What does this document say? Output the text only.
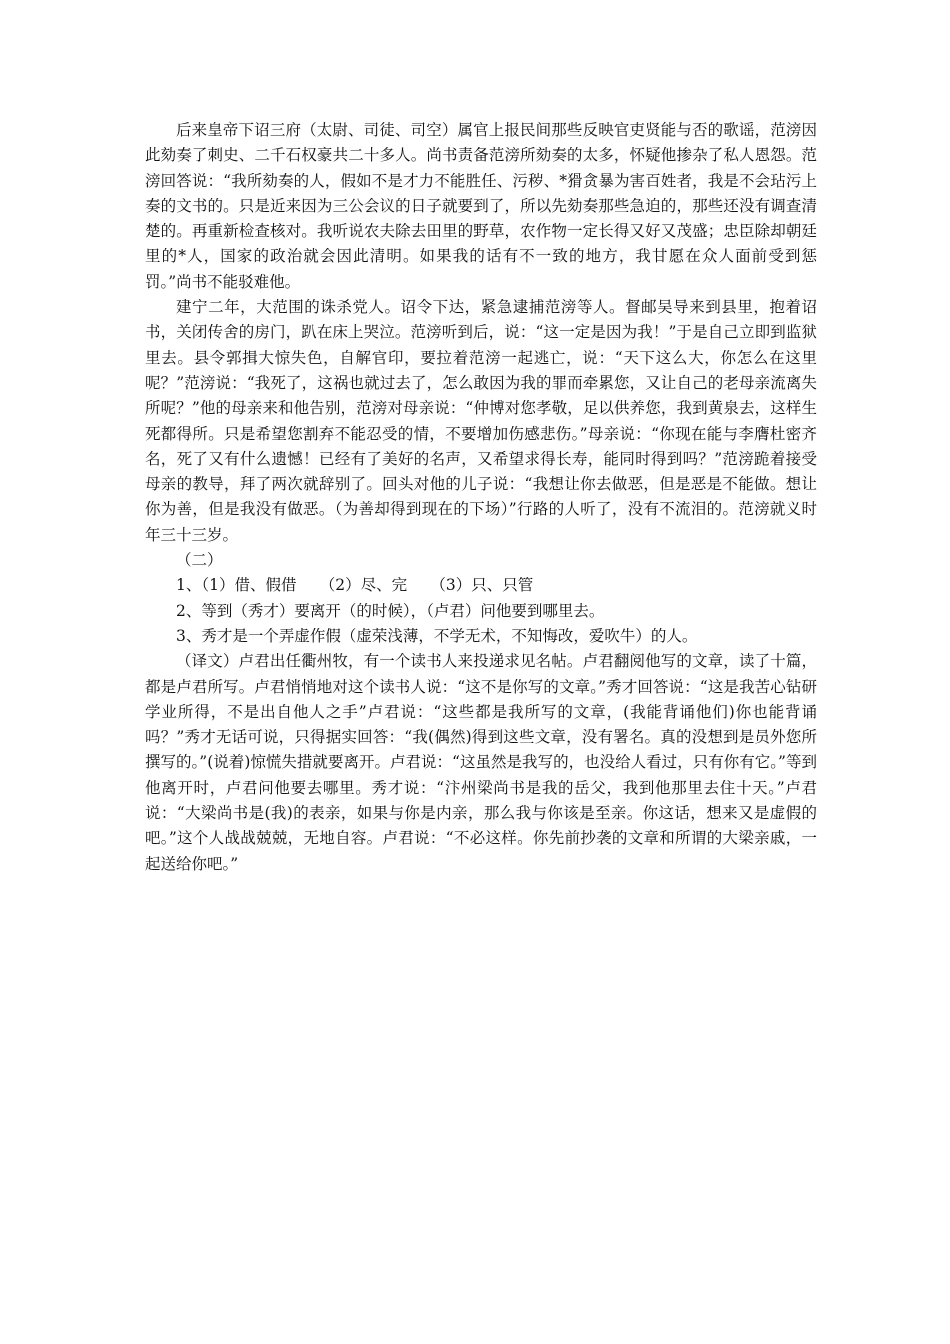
后来皇帝下诏三府（太尉、司徒、司空）属官上报民间那些反映官吏贤能与否的歌谣，范滂因此劾奏了刺史、二千石权豪共二十多人。尚书责备范滂所劾奏的太多，怀疑他掺杂了私人恩怨。范滂回答说：“我所劾奏的人，假如不是才力不能胜任、污秽、*猾贪暴为害百姓者，我是不会玷污上奏的文书的。只是近来因为三公会议的日子就要到了，所以先劾奏那些急迫的，那些还没有调查清楚的。再重新检查核对。我听说农夫除去田里的野草，农作物一定长得又好又茂盛；忠臣除却朝廷里的*人，国家的政治就会因此清明。如果我的话有不一致的地方，我甘愿在众人面前受到惩罚。”尚书不能驳难他。

建宁二年，大范围的诛杀党人。诏令下达，紧急逮捕范滂等人。督邮吴导来到县里，抱着诏书，关闭传舍的房门，趴在床上哭泣。范滂听到后，说：“这一定是因为我！”于是自己立即到监狱里去。县令郭揖大惊失色，自解官印，要拉着范滂一起逃亡，说：“天下这么大，你怎么在这里呢？”范滂说：“我死了，这祸也就过去了，怎么敢因为我的罪而牵累您，又让自己的老母亲流离失所呢？”他的母亲来和他告别，范滂对母亲说：“仲博对您孝敬，足以供养您，我到黄泉去，这样生死都得所。只是希望您割弃不能忍受的情，不要增加伤感悲伤。”母亲说：“你现在能与李膺杜密齐名，死了又有什么遗憾！已经有了美好的名声，又希望求得长寿，能同时得到吗？”范滂跪着接受母亲的教导，拜了两次就辞别了。回头对他的儿子说：“我想让你去做恶，但是恶是不能做。想让你为善，但是我没有做恶。（为善却得到现在的下场）”行路的人听了，没有不流泪的。范滂就义时年三十三岁。

（二）

1、（1）借、假借　　（2）尽、完　　（3）只、只管

2、等到（秀才）要离开（的时候），（卢君）问他要到哪里去。

3、秀才是一个弄虚作假（虚荣浅薄，不学无术，不知悔改，爱吹牛）的人。

（译文）卢君出任衢州牧，有一个读书人来投递求见名帖。卢君翻阅他写的文章，读了十篇，都是卢君所写。卢君悄悄地对这个读书人说：“这不是你写的文章。”秀才回答说：“这是我苦心钻研学业所得，不是出自他人之手”卢君说：“这些都是我所写的文章，(我能背诵他们)你也能背诵吗？”秀才无话可说，只得据实回答：“我(偶然)得到这些文章，没有署名。真的没想到是员外您所撰写的。”(说着)惊慌失措就要离开。卢君说：“这虽然是我写的，也没给人看过，只有你有它。”等到他离开时，卢君问他要去哪里。秀才说：“汴州梁尚书是我的岳父，我到他那里去住十天。”卢君说：“大梁尚书是(我)的表亲，如果与你是内亲，那么我与你该是至亲。你这话，想来又是虚假的吧。”这个人战战兢兢，无地自容。卢君说：“不必这样。你先前抄袭的文章和所谓的大梁亲戚，一起送给你吧。”
